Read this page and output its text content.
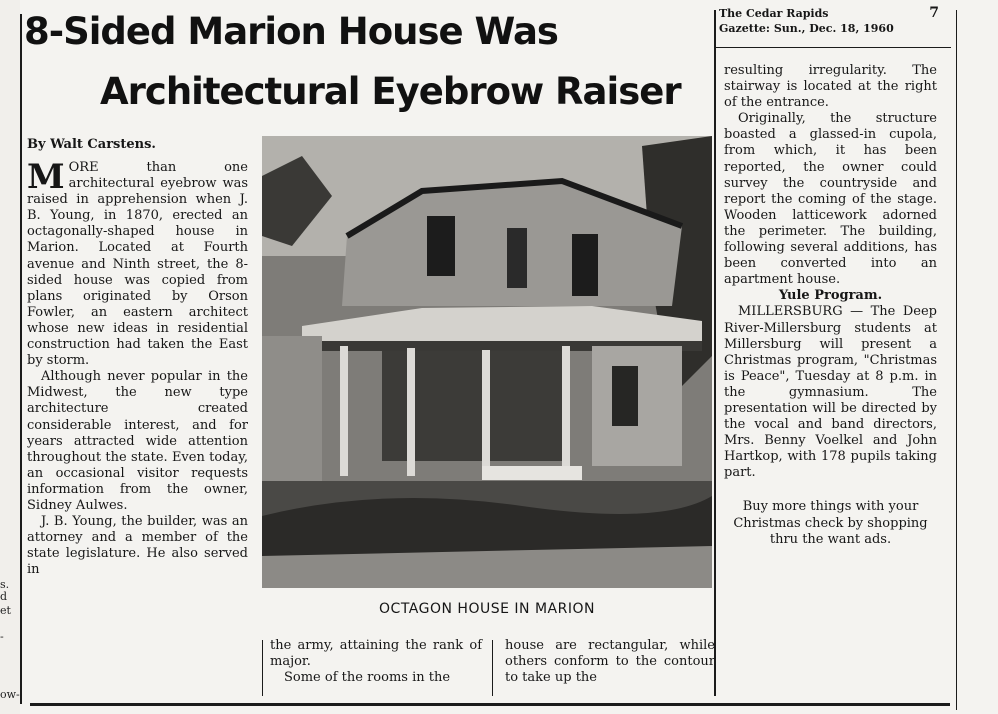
s.
d
et
-
ow-
The Cedar Rapids
Gazette: Sun., Dec. 18, 1960
7
8-Sided Marion House Was
Architectural Eyebrow Raiser
By Walt Carstens.

MORE than one architectural eyebrow was raised in apprehension when J. B. Young, in 1870, erected an octagonally-shaped house in Marion. Located at Fourth avenue and Ninth street, the 8-sided house was copied from plans originated by Orson Fowler, an eastern architect whose new ideas in residential construction had taken the East by storm.

Although never popular in the Midwest, the new type architecture created considerable interest, and for years attracted wide attention throughout the state. Even today, an occasional visitor requests information from the owner, Sidney Aulwes.

J. B. Young, the builder, was an attorney and a member of the state legislature. He also served in

OCTAGON HOUSE IN MARION

the army, attaining the rank of major.

Some of the rooms in the

house are rectangular, while others conform to the contour to take up the

resulting irregularity. The stairway is located at the right of the entrance.

Originally, the structure boasted a glassed-in cupola, from which, it has been reported, the owner could survey the countryside and report the coming of the stage. Wooden latticework adorned the perimeter. The building, following several additions, has been converted into an apartment house.

Yule Program.

MILLERSBURG — The Deep River-Millersburg students at Millersburg will present a Christmas program, "Christmas is Peace", Tuesday at 8 p.m. in the gymnasium. The presentation will be directed by the vocal and band directors, Mrs. Benny Voelkel and John Hartkop, with 178 pupils taking part.

Buy more things with your Christmas check by shopping thru the want ads.
